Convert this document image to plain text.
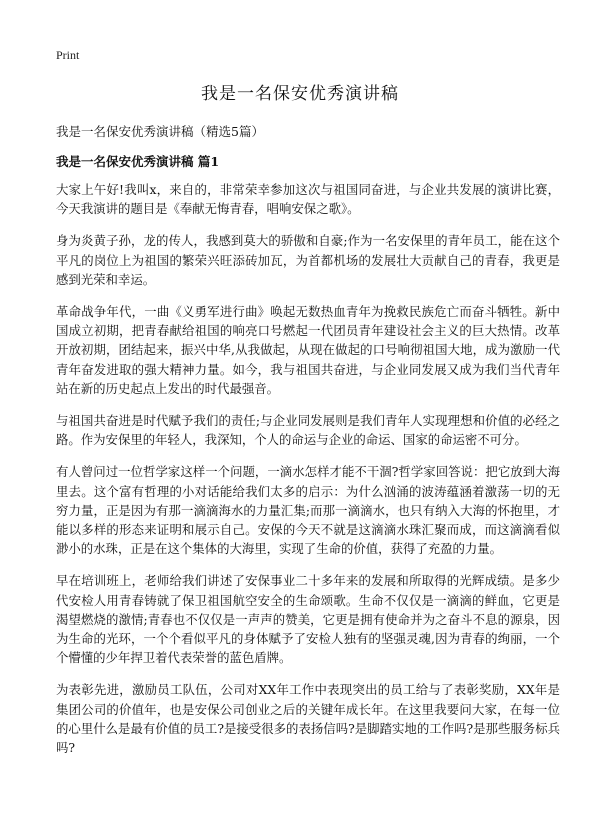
Print
我是一名保安优秀演讲稿

我是一名保安优秀演讲稿（精选5篇）

我是一名保安优秀演讲稿 篇1

大家上午好!我叫x，来自的，非常荣幸参加这次与祖国同奋进，与企业共发展的演讲比赛，今天我演讲的题目是《奉献无悔青春，唱响安保之歌》。

身为炎黄子孙，龙的传人，我感到莫大的骄傲和自豪;作为一名安保里的青年员工，能在这个平凡的岗位上为祖国的繁荣兴旺添砖加瓦，为首都机场的发展壮大贡献自己的青春，我更是感到光荣和幸运。

革命战争年代，一曲《义勇军进行曲》唤起无数热血青年为挽救民族危亡而奋斗牺牲。新中国成立初期，把青春献给祖国的响亮口号燃起一代团员青年建设社会主义的巨大热情。改革开放初期，团结起来，振兴中华,从我做起，从现在做起的口号响彻祖国大地，成为激励一代青年奋发进取的强大精神力量。如今，我与祖国共奋进，与企业同发展又成为我们当代青年站在新的历史起点上发出的时代最强音。

与祖国共奋进是时代赋予我们的责任;与企业同发展则是我们青年人实现理想和价值的必经之路。作为安保里的年轻人，我深知，个人的命运与企业的命运、国家的命运密不可分。

有人曾问过一位哲学家这样一个问题，一滴水怎样才能不干涸?哲学家回答说：把它放到大海里去。这个富有哲理的小对话能给我们太多的启示：为什么汹涌的波涛蕴涵着激荡一切的无穷力量，正是因为有那一滴滴海水的力量汇集;而那一滴滴水，也只有纳入大海的怀抱里，才能以多样的形态来证明和展示自己。安保的今天不就是这滴滴水珠汇聚而成，而这滴滴看似渺小的水珠，正是在这个集体的大海里，实现了生命的价值，获得了充盈的力量。

早在培训班上，老师给我们讲述了安保事业二十多年来的发展和所取得的光辉成绩。是多少代安检人用青春铸就了保卫祖国航空安全的生命颂歌。生命不仅仅是一滴滴的鲜血，它更是渴望燃烧的激情;青春也不仅仅是一声声的赞美，它更是拥有使命并为之奋斗不息的源泉，因为生命的光环，一个个看似平凡的身体赋予了安检人独有的坚强灵魂,因为青春的绚丽，一个个懵懂的少年捍卫着代表荣誉的蓝色盾牌。

为表彰先进，激励员工队伍，公司对XX年工作中表现突出的员工给与了表彰奖励，XX年是集团公司的价值年，也是安保公司创业之后的关键年成长年。在这里我要问大家，在每一位的心里什么是最有价值的员工?是接受很多的表扬信吗?是脚踏实地的工作吗?是那些服务标兵吗?
